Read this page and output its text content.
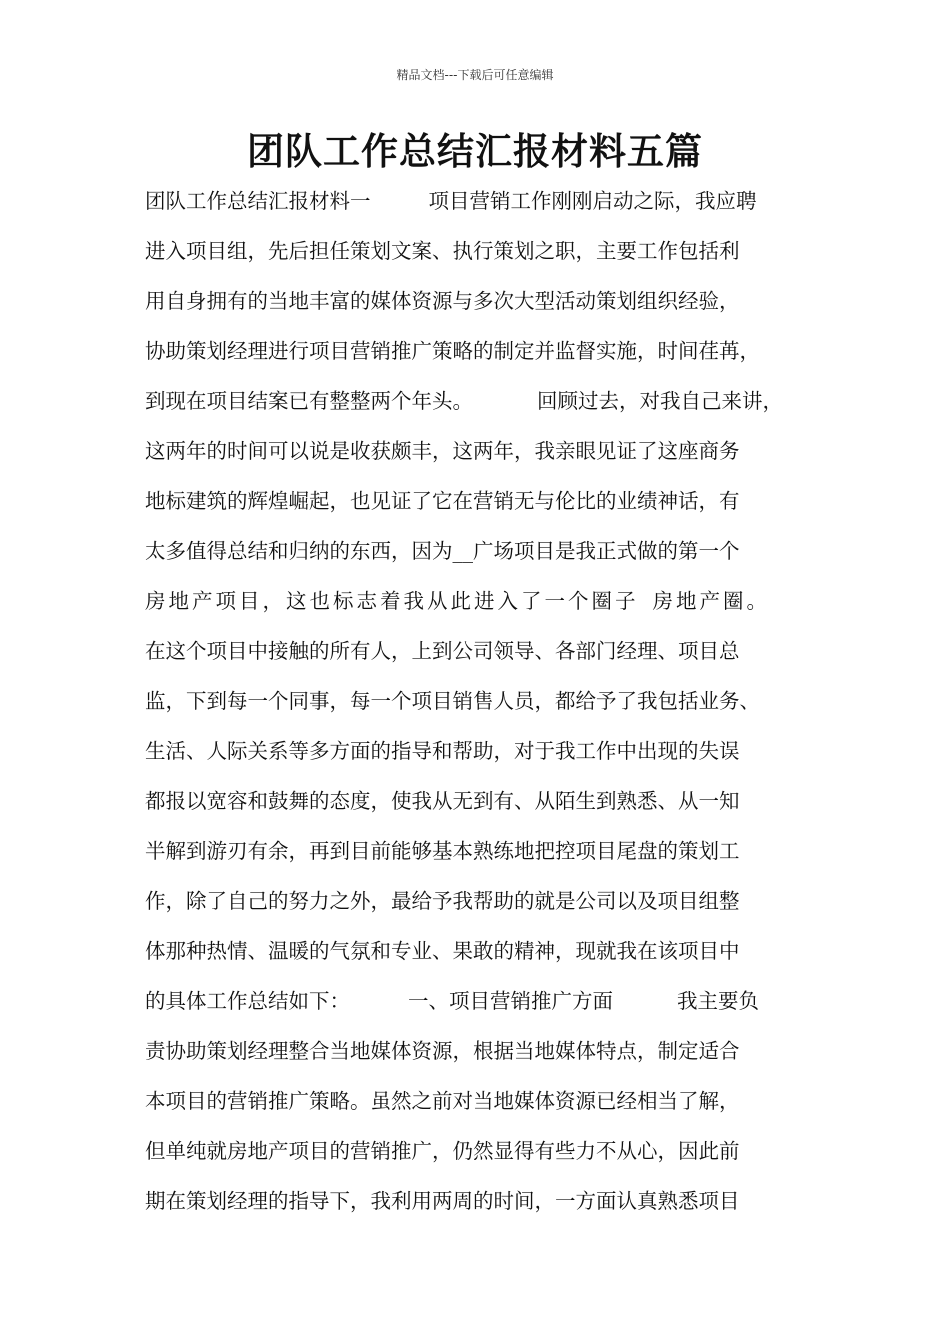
精品文档---下载后可任意编辑
团队工作总结汇报材料五篇
团队工作总结汇报材料一	项目营销工作刚刚启动之际，我应聘
进入项目组，先后担任策划文案、执行策划之职，主要工作包括利
用自身拥有的当地丰富的媒体资源与多次大型活动策划组织经验，
协助策划经理进行项目营销推广策略的制定并监督实施，时间荏苒，
到现在项目结案已有整整两个年头。	回顾过去，对我自己来讲，
这两年的时间可以说是收获颇丰，这两年，我亲眼见证了这座商务
地标建筑的辉煌崛起，也见证了它在营销无与伦比的业绩神话，有
太多值得总结和归纳的东西，因为__广场项目是我正式做的第一个
房地产项目，这也标志着我从此进入了一个圈子 房地产圈。
在这个项目中接触的所有人，上到公司领导、各部门经理、项目总
监，下到每一个同事，每一个项目销售人员，都给予了我包括业务、
生活、人际关系等多方面的指导和帮助，对于我工作中出现的失误
都报以宽容和鼓舞的态度，使我从无到有、从陌生到熟悉、从一知
半解到游刃有余，再到目前能够基本熟练地把控项目尾盘的策划工
作，除了自己的努力之外，最给予我帮助的就是公司以及项目组整
体那种热情、温暖的气氛和专业、果敢的精神，现就我在该项目中
的具体工作总结如下：	一、项目营销推广方面	我主要负
责协助策划经理整合当地媒体资源，根据当地媒体特点，制定适合
本项目的营销推广策略。虽然之前对当地媒体资源已经相当了解，
但单纯就房地产项目的营销推广，仍然显得有些力不从心，因此前
期在策划经理的指导下，我利用两周的时间，一方面认真熟悉项目
